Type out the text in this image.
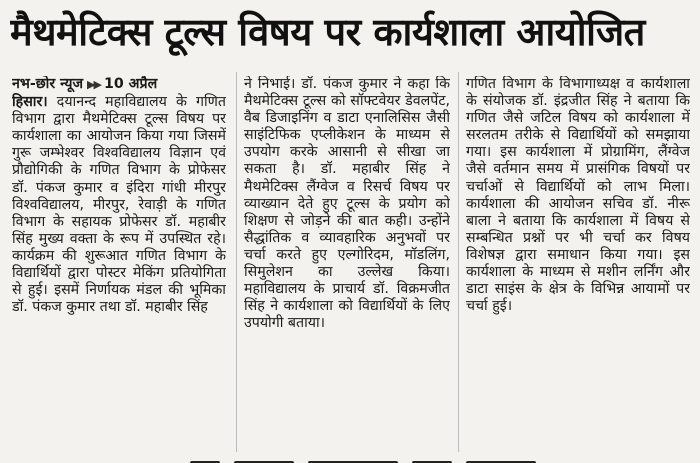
मैथमेटिक्स टूल्स विषय पर कार्यशाला आयोजित
नभ-छोर न्यूज ▶▶ 10 अप्रैल

हिसार। दयानन्द महाविद्यालय के गणित विभाग द्वारा मैथमेटिक्स टूल्स विषय पर कार्यशाला का आयोजन किया गया जिसमें गुरू जम्भेश्वर विश्वविद्यालय विज्ञान एवं प्रौद्योगिकी के गणित विभाग के प्रोफेसर डॉ. पंकज कुमार व इंदिरा गांधी मीरपुर विश्वविद्यालय, मीरपुर, रेवाड़ी के गणित विभाग के सहायक प्रोफेसर डॉ. महाबीर सिंह मुख्य वक्ता के रूप में उपस्थित रहे। कार्यक्रम की शुरूआत गणित विभाग के विद्यार्थियों द्वारा पोस्टर मेकिंग प्रतियोगिता से हुई। इसमें निर्णायक मंडल की भूमिका डॉ. पंकज कुमार तथा डॉ. महाबीर सिंह

ने निभाई। डॉ. पंकज कुमार ने कहा कि मैथमेटिक्स टूल्स को सॉफ्टवेयर डेवलपेंट, वैब डिजाइनिंग व डाटा एनालिसिस जैसी साइंटिफिक एप्लीकेशन के माध्यम से उपयोग करके आसानी से सीखा जा सकता है। डॉ. महाबीर सिंह ने मैथमेटिक्स लैंग्वेज व रिसर्च विषय पर व्याख्यान देते हुए टूल्स के प्रयोग को शिक्षण से जोड़ने की बात कही। उन्होंने सैद्धांतिक व व्यावहारिक अनुभवों पर चर्चा करते हुए एल्गोरिदम, मॉडलिंग, सिमुलेशन का उल्लेख किया। महाविद्यालय के प्राचार्य डॉ. विक्रमजीत सिंह ने कार्यशाला को विद्यार्थियों के लिए उपयोगी बताया।

गणित विभाग के विभागाध्यक्ष व कार्यशाला के संयोजक डॉ. इंद्रजीत सिंह ने बताया कि गणित जैसे जटिल विषय को कार्यशाला में सरलतम तरीके से विद्यार्थियों को समझाया गया। इस कार्यशाला में प्रोग्रामिंग, लैंग्वेज जैसे वर्तमान समय में प्रासंगिक विषयों पर चर्चाओं से विद्यार्थियों को लाभ मिला। कार्यशाला की आयोजन सचिव डॉ. नीरू बाला ने बताया कि कार्यशाला में विषय से सम्बन्धित प्रश्नों पर भी चर्चा कर विषय विशेषज्ञ द्वारा समाधान किया गया। इस कार्यशाला के माध्यम से मशीन लर्निंग और डाटा साइंस के क्षेत्र के विभिन्न आयामों पर चर्चा हुई।
